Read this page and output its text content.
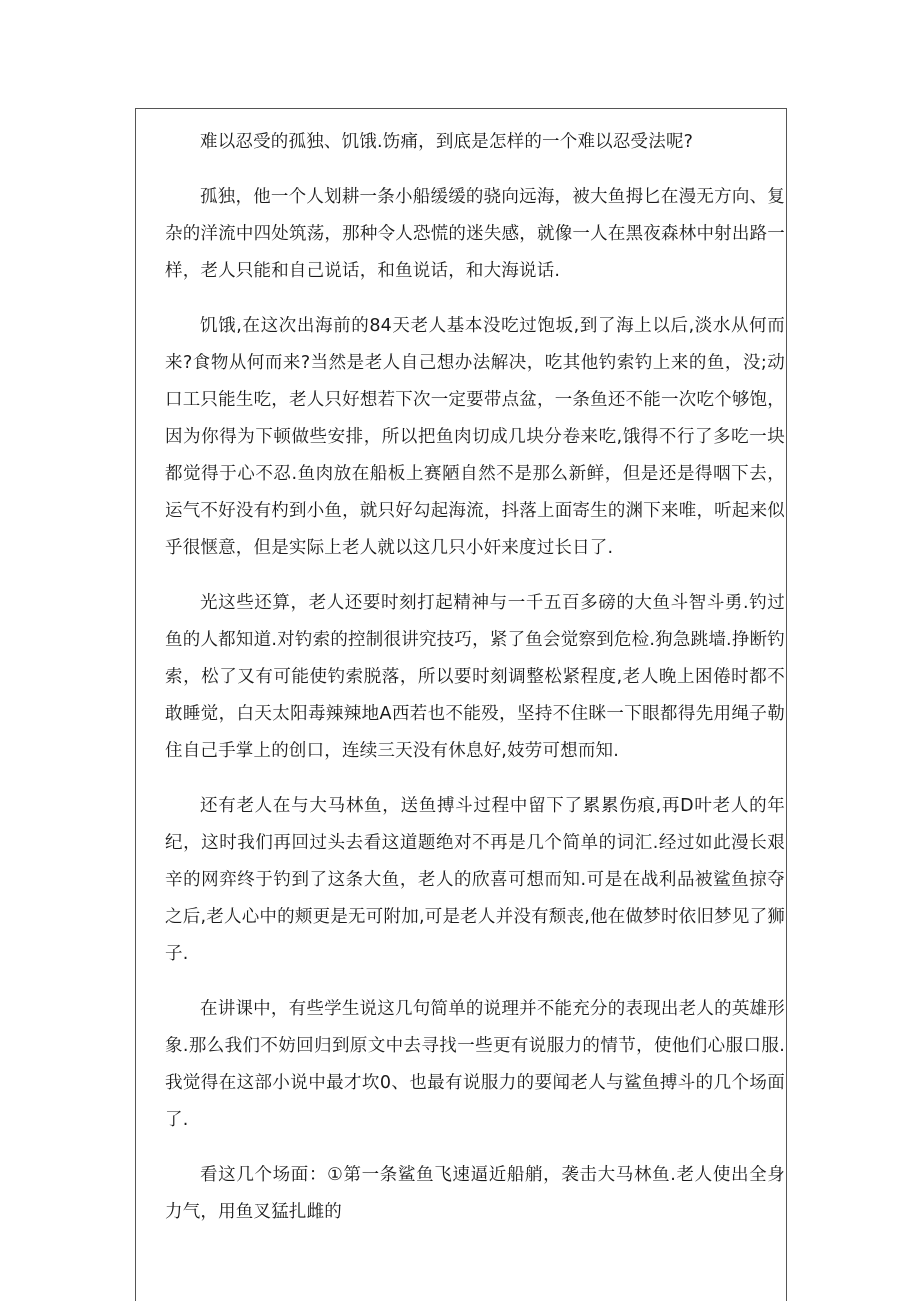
难以忍受的孤独、饥饿.饬痛，到底是怎样的一个难以忍受法呢?

孤独，他一个人划耕一条小船缓缓的骁向远海，被大鱼拇匕在漫无方向、复杂的洋流中四处筑荡，那种令人恐慌的迷失感，就像一人在黑夜森林中射出路一样，老人只能和自己说话，和鱼说话，和大海说话.

饥饿,在这次出海前的84天老人基本没吃过饱坂,到了海上以后,淡水从何而来?食物从何而来?当然是老人自己想办法解决，吃其他钓索钓上来的鱼，没;动口工只能生吃，老人只好想若下次一定要带点盆，一条鱼还不能一次吃个够饱，因为你得为下顿做些安排，所以把鱼肉切成几块分卷来吃,饿得不行了多吃一块都觉得于心不忍.鱼肉放在船板上赛陋自然不是那么新鲜，但是还是得咽下去，运气不好没有杓到小鱼，就只好勾起海流，抖落上面寄生的渊下来唯，听起来似乎很惬意，但是实际上老人就以这几只小奸来度过长日了.

光这些还算，老人还要时刻打起精神与一千五百多磅的大鱼斗智斗勇.钓过鱼的人都知道.对钓索的控制很讲究技巧，紧了鱼会觉察到危检.狗急跳墙.挣断钓索，松了又有可能使钓索脱落，所以要时刻调整松紧程度,老人晚上困倦时都不敢睡觉，白天太阳毒辣辣地A西若也不能殁，坚持不住眯一下眼都得先用绳子勒住自己手掌上的创口，连续三天没有休息好,妓劳可想而知.

还有老人在与大马林鱼，送鱼搏斗过程中留下了累累伤痕,再D叶老人的年纪，这时我们再回过头去看这道题绝对不再是几个简单的词汇.经过如此漫长艰辛的网弈终于钓到了这条大鱼，老人的欣喜可想而知.可是在战利品被鲨鱼掠夺之后,老人心中的颊更是无可附加,可是老人并没有颓丧,他在做梦时依旧梦见了狮子.

在讲课中，有些学生说这几句简单的说理并不能充分的表现出老人的英雄形象.那么我们不妨回归到原文中去寻找一些更有说服力的情节，使他们心服口服.我觉得在这部小说中最才坎0、也最有说服力的要闻老人与鲨鱼搏斗的几个场面了.

看这几个场面：①第一条鲨鱼飞速逼近船艄，袭击大马林鱼.老人使出全身力气，用鱼叉猛扎雌的
